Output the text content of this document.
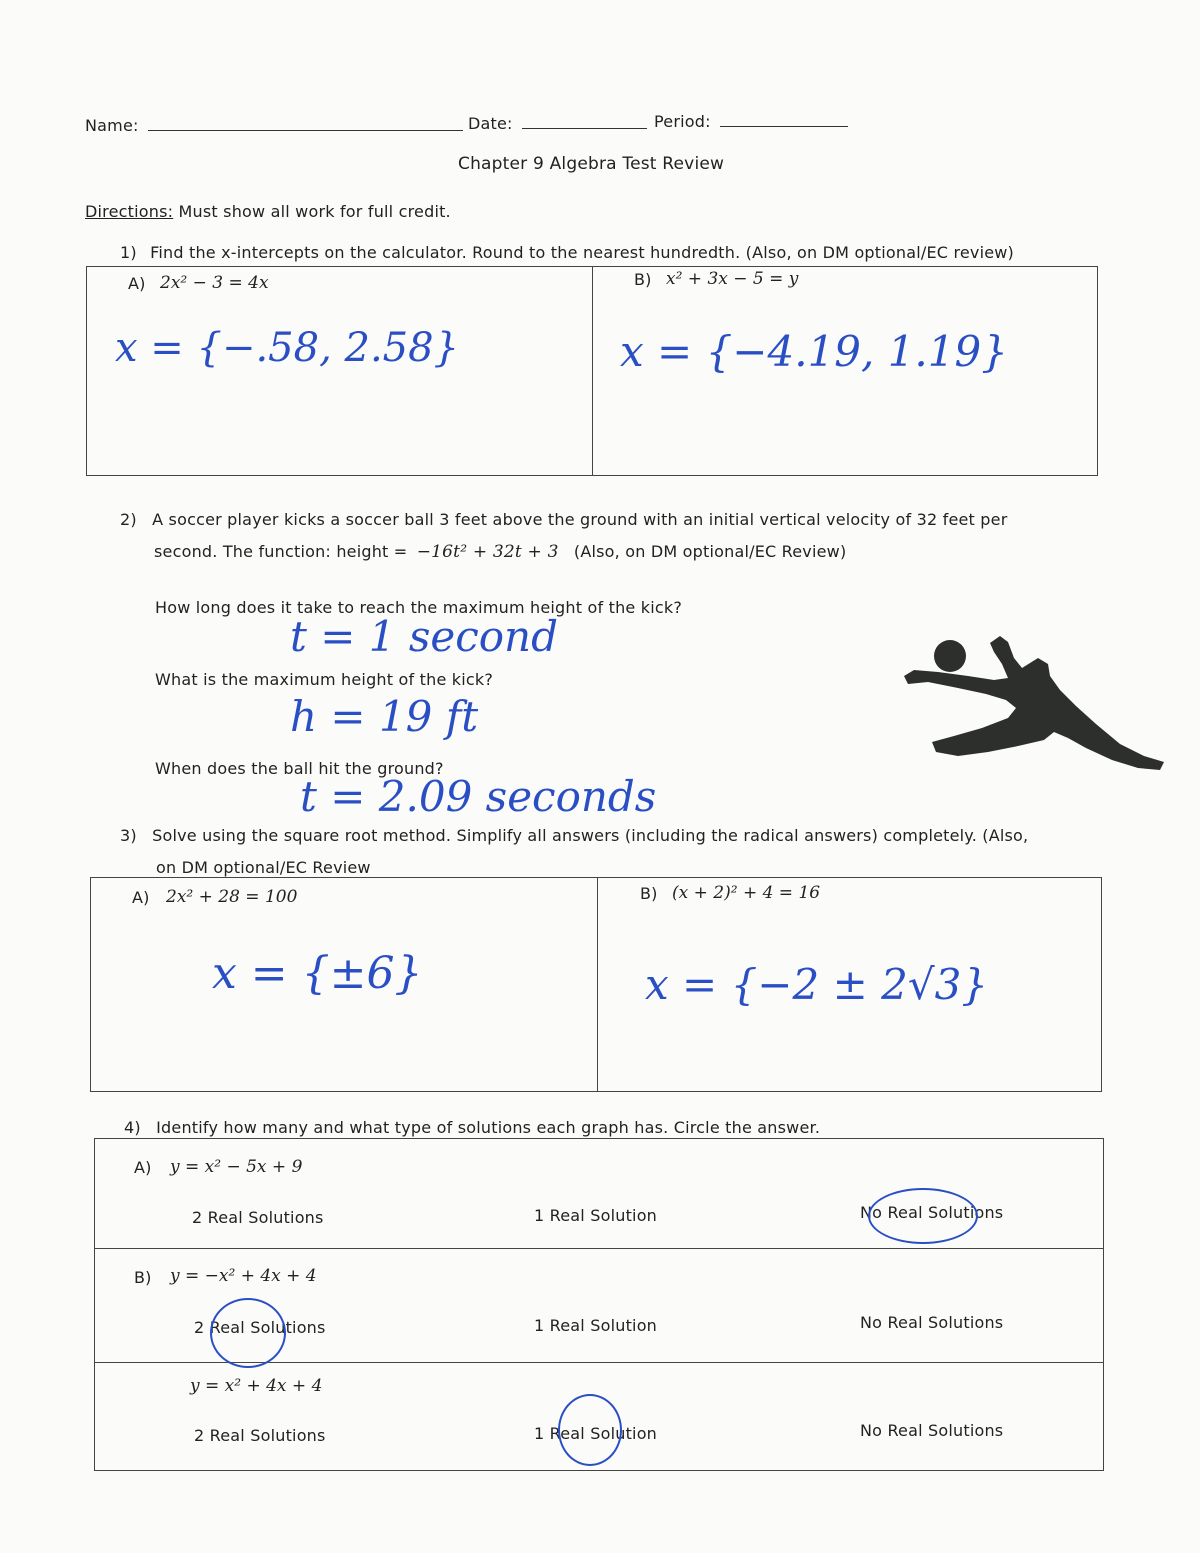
Name:	Date:	Period:
Chapter 9 Algebra Test Review
Directions: Must show all work for full credit.
1) Find the x-intercepts on the calculator. Round to the nearest hundredth. (Also, on DM optional/EC review)
A) 2x² − 3 = 4x
x = {−.58, 2.58}
B) x² + 3x − 5 = y
x = {−4.19, 1.19}
2) A soccer player kicks a soccer ball 3 feet above the ground with an initial vertical velocity of 32 feet per
second. The function: height = −16t² + 32t + 3 (Also, on DM optional/EC Review)
How long does it take to reach the maximum height of the kick?
t = 1 second
What is the maximum height of the kick?
h = 19 ft
When does the ball hit the ground?
t = 2.09 seconds
3) Solve using the square root method. Simplify all answers (including the radical answers) completely. (Also,
on DM optional/EC Review
A) 2x² + 28 = 100
x = {±6}
B) (x + 2)² + 4 = 16
x = {−2 ± 2√3}
4) Identify how many and what type of solutions each graph has. Circle the answer.
A) y = x² − 5x + 9
2 Real Solutions	1 Real Solution	No Real Solutions
B) y = −x² + 4x + 4
2 Real Solutions	1 Real Solution	No Real Solutions
y = x² + 4x + 4
2 Real Solutions	1 Real Solution	No Real Solutions
